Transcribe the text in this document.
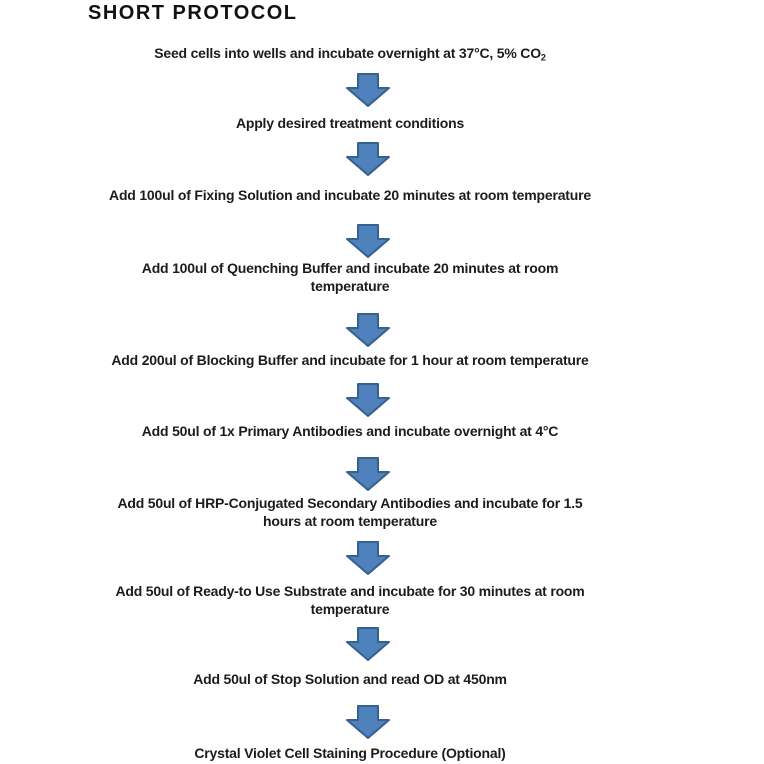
SHORT PROTOCOL
Seed cells into wells and incubate overnight at 37°C, 5% $CO_2$
Apply desired treatment conditions
Add 100ul of Fixing Solution and incubate 20 minutes at room temperature
Add 100ul of Quenching Buffer and incubate 20 minutes at room
temperature
Add 200ul of Blocking Buffer and incubate for 1 hour at room temperature
Add 50ul of 1x Primary Antibodies and incubate overnight at 4°C
Add 50ul of HRP-Conjugated Secondary Antibodies and incubate for 1.5
hours at room temperature
Add 50ul of Ready-to Use Substrate and incubate for 30 minutes at room
temperature
Add 50ul of Stop Solution and read OD at 450nm
Crystal Violet Cell Staining Procedure (Optional)
